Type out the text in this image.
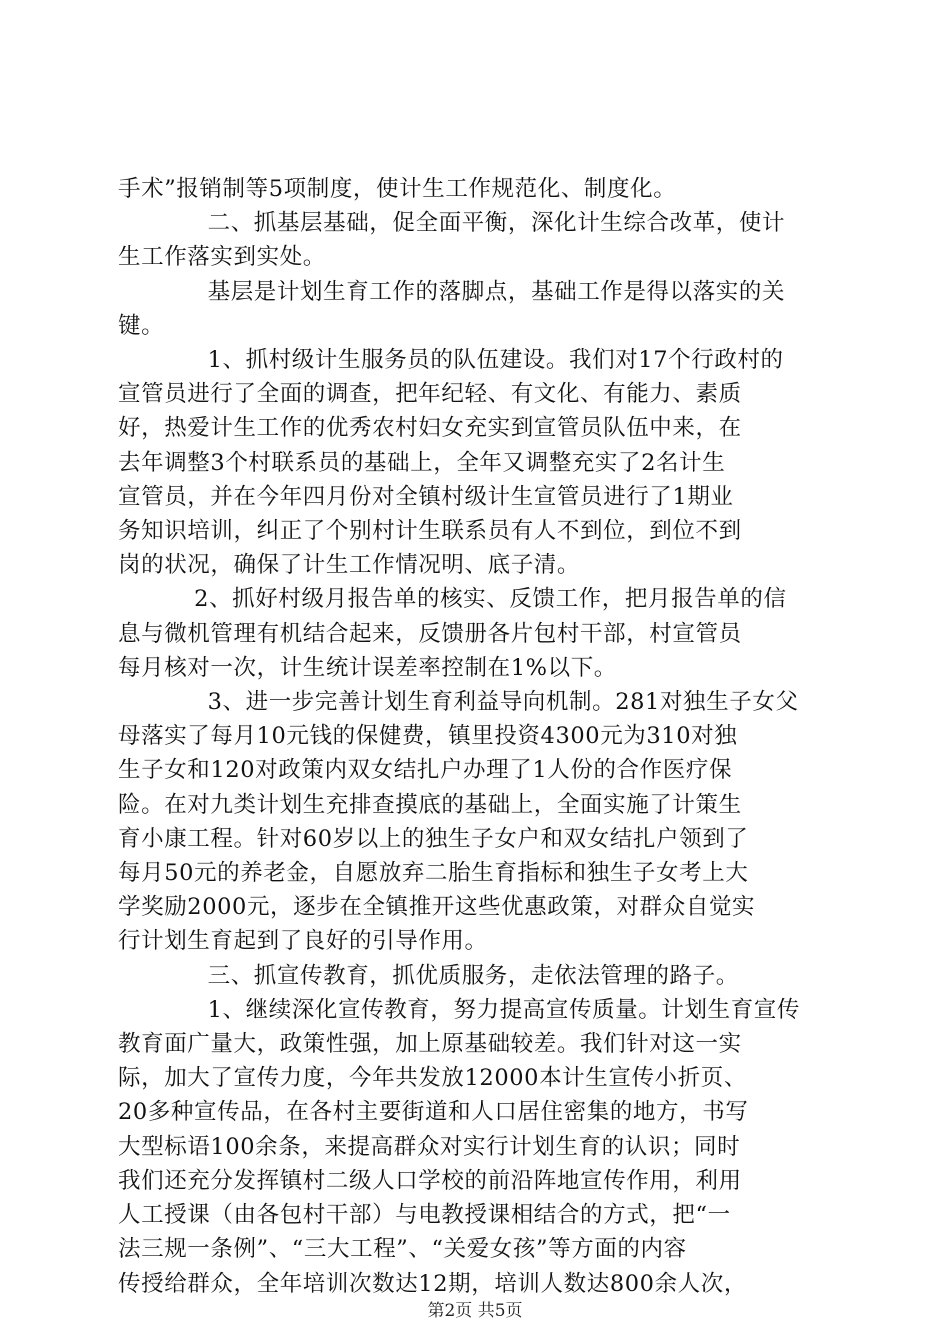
手术”报销制等5项制度，使计生工作规范化、制度化。
二、抓基层基础，促全面平衡，深化计生综合改革，使计
生工作落实到实处。
基层是计划生育工作的落脚点，基础工作是得以落实的关
键。
1、抓村级计生服务员的队伍建设。我们对17个行政村的
宣管员进行了全面的调查，把年纪轻、有文化、有能力、素质
好，热爱计生工作的优秀农村妇女充实到宣管员队伍中来，在
去年调整3个村联系员的基础上，全年又调整充实了2名计生
宣管员，并在今年四月份对全镇村级计生宣管员进行了1期业
务知识培训，纠正了个别村计生联系员有人不到位，到位不到
岗的状况，确保了计生工作情况明、底子清。
2、抓好村级月报告单的核实、反馈工作，把月报告单的信
息与微机管理有机结合起来，反馈册各片包村干部，村宣管员
每月核对一次，计生统计误差率控制在1%以下。
3、进一步完善计划生育利益导向机制。281对独生子女父
母落实了每月10元钱的保健费，镇里投资4300元为310对独
生子女和120对政策内双女结扎户办理了1人份的合作医疗保
险。在对九类计划生充排查摸底的基础上，全面实施了计策生
育小康工程。针对60岁以上的独生子女户和双女结扎户领到了
每月50元的养老金，自愿放弃二胎生育指标和独生子女考上大
学奖励2000元，逐步在全镇推开这些优惠政策，对群众自觉实
行计划生育起到了良好的引导作用。
三、抓宣传教育，抓优质服务，走依法管理的路子。
1、继续深化宣传教育，努力提高宣传质量。计划生育宣传
教育面广量大，政策性强，加上原基础较差。我们针对这一实
际，加大了宣传力度，今年共发放12000本计生宣传小折页、
20多种宣传品，在各村主要街道和人口居住密集的地方，书写
大型标语100余条，来提高群众对实行计划生育的认识；同时
我们还充分发挥镇村二级人口学校的前沿阵地宣传作用，利用
人工授课（由各包村干部）与电教授课相结合的方式，把“一
法三规一条例”、“三大工程”、“关爱女孩”等方面的内容
传授给群众，全年培训次数达12期，培训人数达800余人次，
第2页 共5页
